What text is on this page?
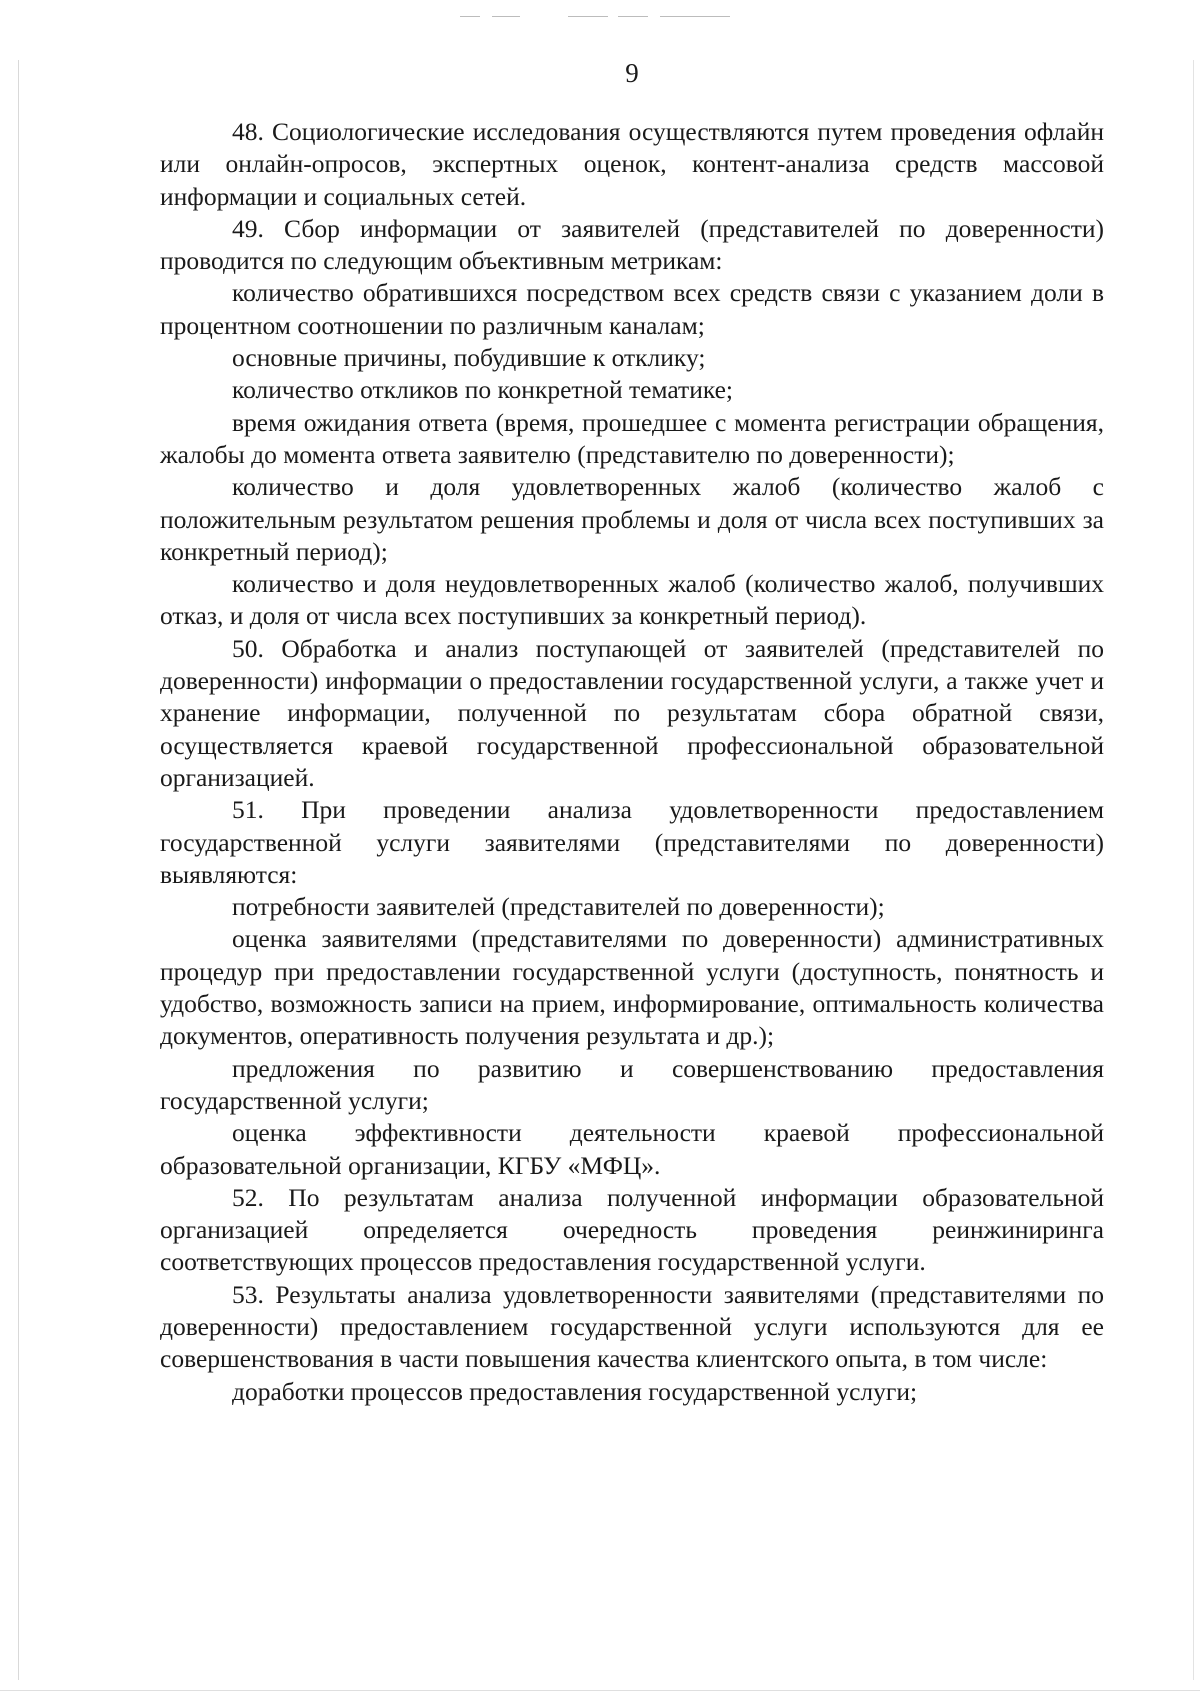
9

48. Социологические исследования осуществляются путем проведения офлайн или онлайн-опросов, экспертных оценок, контент-анализа средств массовой информации и социальных сетей.

49. Сбор информации от заявителей (представителей по доверенности) проводится по следующим объективным метрикам:

количество обратившихся посредством всех средств связи с указанием доли в процентном соотношении по различным каналам;

основные причины, побудившие к отклику;

количество откликов по конкретной тематике;

время ожидания ответа (время, прошедшее с момента регистрации обращения, жалобы до момента ответа заявителю (представителю по доверенности);

количество и доля удовлетворенных жалоб (количество жалоб с положительным результатом решения проблемы и доля от числа всех поступивших за конкретный период);

количество и доля неудовлетворенных жалоб (количество жалоб, получивших отказ, и доля от числа всех поступивших за конкретный период).

50. Обработка и анализ поступающей от заявителей (представителей по доверенности) информации о предоставлении государственной услуги, а также учет и хранение информации, полученной по результатам сбора обратной связи, осуществляется краевой государственной профессиональной образовательной организацией.

51. При проведении анализа удовлетворенности предоставлением государственной услуги заявителями (представителями по доверенности) выявляются:

потребности заявителей (представителей по доверенности);

оценка заявителями (представителями по доверенности) административных процедур при предоставлении государственной услуги (доступность, понятность и удобство, возможность записи на прием, информирование, оптимальность количества документов, оперативность получения результата и др.);

предложения по развитию и совершенствованию предоставления государственной услуги;

оценка эффективности деятельности краевой профессиональной образовательной организации, КГБУ «МФЦ».

52. По результатам анализа полученной информации образовательной организацией определяется очередность проведения реинжиниринга соответствующих процессов предоставления государственной услуги.

53. Результаты анализа удовлетворенности заявителями (представителями по доверенности) предоставлением государственной услуги используются для ее совершенствования в части повышения качества клиентского опыта, в том числе:

доработки процессов предоставления государственной услуги;
